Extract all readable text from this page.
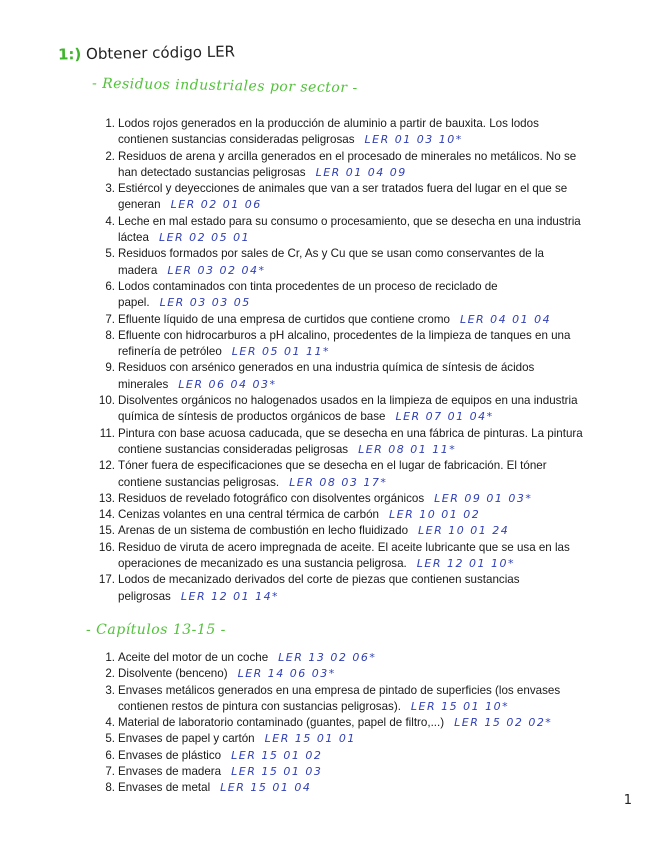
1:) Obtener código LER
- Residuos industriales por sector -
1. Lodos rojos generados en la producción de aluminio a partir de bauxita. Los lodos contienen sustancias consideradas peligrosas LER 01 03 10*
2. Residuos de arena y arcilla generados en el procesado de minerales no metálicos. No se han detectado sustancias peligrosas LER 01 04 09
3. Estiércol y deyecciones de animales que van a ser tratados fuera del lugar en el que se generan LER 02 01 06
4. Leche en mal estado para su consumo o procesamiento, que se desecha en una industria láctea LER 02 05 01
5. Residuos formados por sales de Cr, As y Cu que se usan como conservantes de la madera LER 03 02 04*
6. Lodos contaminados con tinta procedentes de un proceso de reciclado de papel. LER 03 03 05
7. Efluente líquido de una empresa de curtidos que contiene cromo LER 04 01 04
8. Efluente con hidrocarburos a pH alcalino, procedentes de la limpieza de tanques en una refinería de petróleo LER 05 01 11*
9. Residuos con arsénico generados en una industria química de síntesis de ácidos minerales LER 06 04 03*
10. Disolventes orgánicos no halogenados usados en la limpieza de equipos en una industria química de síntesis de productos orgánicos de base LER 07 01 04*
11. Pintura con base acuosa caducada, que se desecha en una fábrica de pinturas. La pintura contiene sustancias consideradas peligrosas LER 08 01 11*
12. Tóner fuera de especificaciones que se desecha en el lugar de fabricación. El tóner contiene sustancias peligrosas. LER 08 03 17*
13. Residuos de revelado fotográfico con disolventes orgánicos LER 09 01 03*
14. Cenizas volantes en una central térmica de carbón LER 10 01 02
15. Arenas de un sistema de combustión en lecho fluidizado LER 10 01 24
16. Residuo de viruta de acero impregnada de aceite. El aceite lubricante que se usa en las operaciones de mecanizado es una sustancia peligrosa. LER 12 01 10*
17. Lodos de mecanizado derivados del corte de piezas que contienen sustancias peligrosas LER 12 01 14*
- Capítulos 13-15 -
1. Aceite del motor de un coche LER 13 02 06*
2. Disolvente (benceno) LER 14 06 03*
3. Envases metálicos generados en una empresa de pintado de superficies (los envases contienen restos de pintura con sustancias peligrosas). LER 15 01 10*
4. Material de laboratorio contaminado (guantes, papel de filtro,...) LER 15 02 02*
5. Envases de papel y cartón LER 15 01 01
6. Envases de plástico LER 15 01 02
7. Envases de madera LER 15 01 03
8. Envases de metal LER 15 01 04
1
